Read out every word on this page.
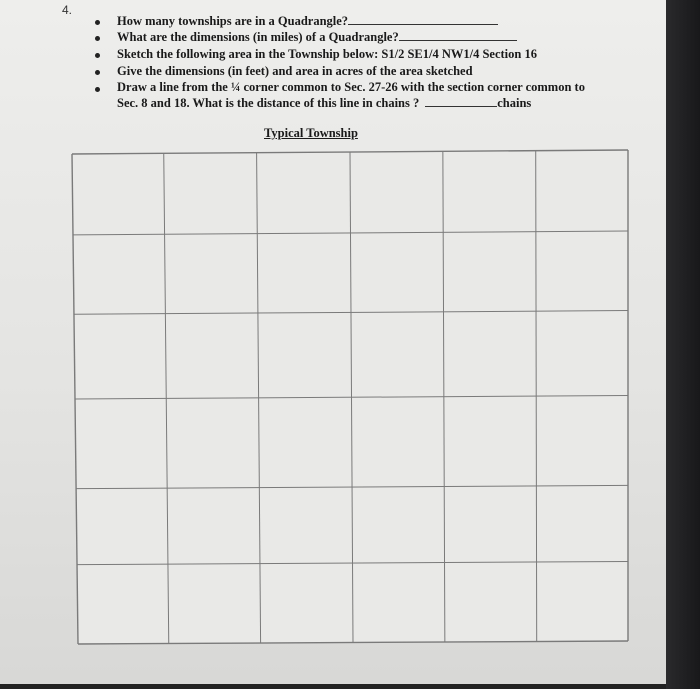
4.
How many townships are in a Quadrangle?
What are the dimensions (in miles) of a Quadrangle?
Sketch the following area in the Township below: S1/2 SE1/4 NW1/4 Section 16
Give the dimensions (in feet) and area in acres of the area sketched
Draw a line from the ¼ corner common to Sec. 27-26 with the section corner common to
Sec. 8 and 18. What is the distance of this line in chains ?	chains
Typical Township
